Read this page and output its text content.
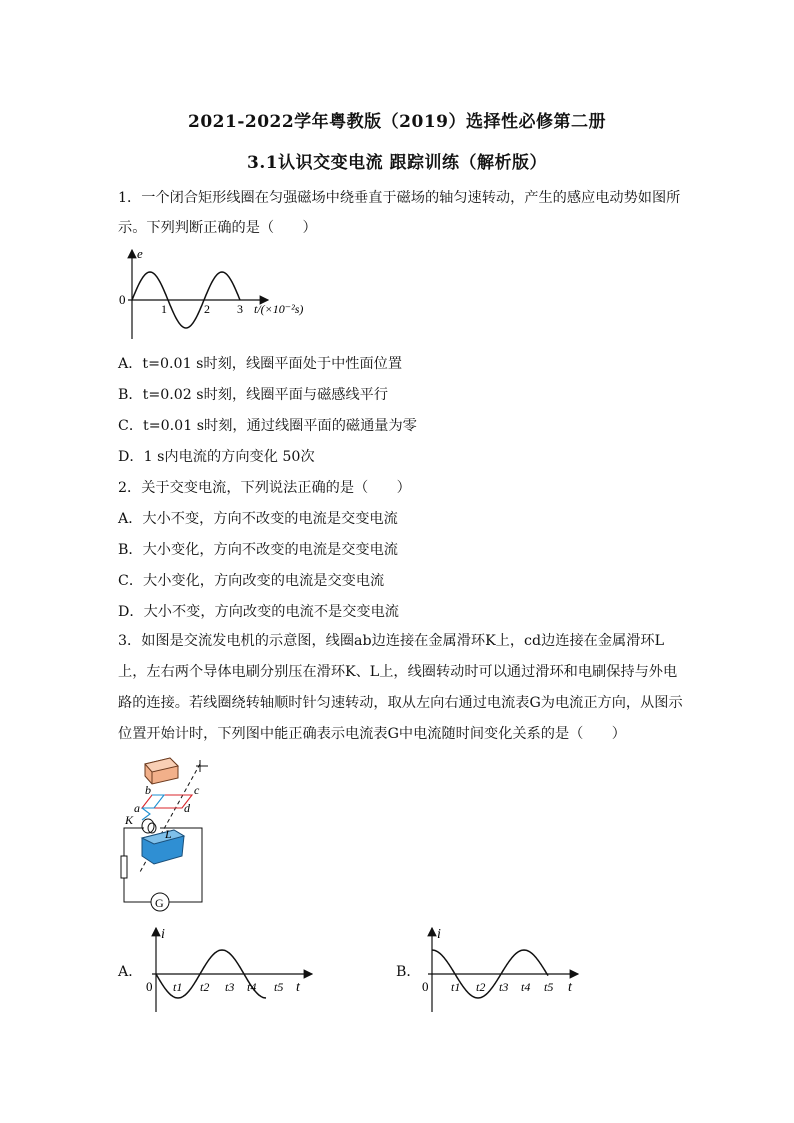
2021-2022学年粤教版（2019）选择性必修第二册
3.1认识交变电流 跟踪训练（解析版）
1．一个闭合矩形线圈在匀强磁场中绕垂直于磁场的轴匀速转动，产生的感应电动势如图所
示。下列判断正确的是（　　）
e
0
1	2 3 t/(×10⁻²s)
A．t=0.01 s时刻，线圈平面处于中性面位置
B．t=0.02 s时刻，线圈平面与磁感线平行
C．t=0.01 s时刻，通过线圈平面的磁通量为零
D．1 s内电流的方向变化 50次
2．关于交变电流，下列说法正确的是（　　）
A．大小不变，方向不改变的电流是交变电流
B．大小变化，方向不改变的电流是交变电流
C．大小变化，方向改变的电流是交变电流
D．大小不变，方向改变的电流不是交变电流
3．如图是交流发电机的示意图，线圈ab边连接在金属滑环K上，cd边连接在金属滑环L上，左右两个导体电刷分别压在滑环K、L上，线圈转动时可以通过滑环和电刷保持与外电路的连接。若线圈绕转轴顺时针匀速转动，取从左向右通过电流表G为电流正方向，从图示位置开始计时，下列图中能正确表示电流表G中电流随时间变化关系的是（　　）
G
b	c
a	d
K
L
A．
i
0 t1 t2 t3 t4 t5 t
B．
i
0 t1 t2 t3 t4 t5 t
